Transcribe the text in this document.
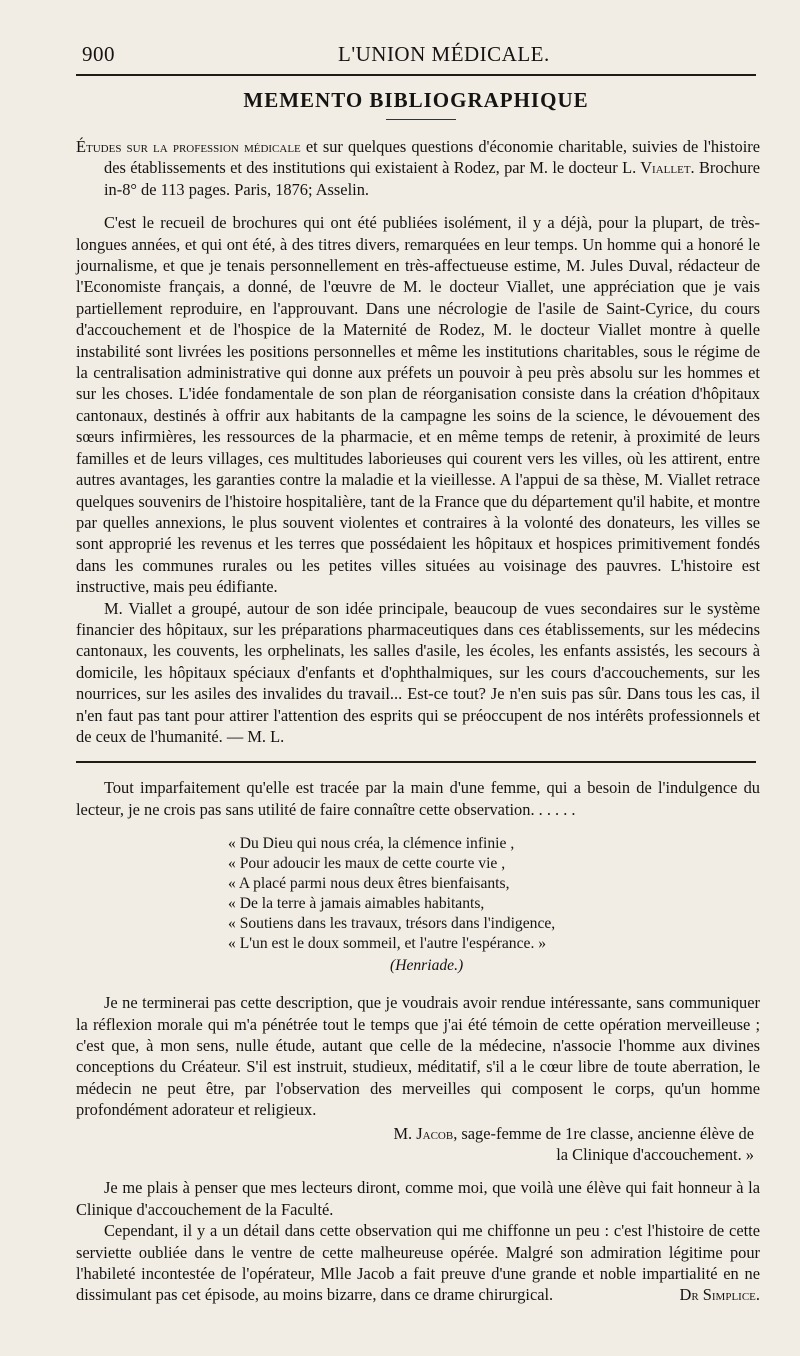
900	L'UNION MÉDICALE.
MEMENTO BIBLIOGRAPHIQUE

Études sur la profession médicale et sur quelques questions d'économie charitable, suivies de l'histoire des établissements et des institutions qui existaient à Rodez, par M. le docteur L. Viallet. Brochure in-8° de 113 pages. Paris, 1876; Asselin.

C'est le recueil de brochures qui ont été publiées isolément, il y a déjà, pour la plupart, de très-longues années, et qui ont été, à des titres divers, remarquées en leur temps. Un homme qui a honoré le journalisme, et que je tenais personnellement en très-affectueuse estime, M. Jules Duval, rédacteur de l'Economiste français, a donné, de l'œuvre de M. le docteur Viallet, une appréciation que je vais partiellement reproduire, en l'approuvant. Dans une nécrologie de l'asile de Saint-Cyrice, du cours d'accouchement et de l'hospice de la Maternité de Rodez, M. le docteur Viallet montre à quelle instabilité sont livrées les positions personnelles et même les institutions charitables, sous le régime de la centralisation administrative qui donne aux préfets un pouvoir à peu près absolu sur les hommes et sur les choses. L'idée fondamentale de son plan de réorganisation consiste dans la création d'hôpitaux cantonaux, destinés à offrir aux habitants de la campagne les soins de la science, le dévouement des sœurs infirmières, les ressources de la pharmacie, et en même temps de retenir, à proximité de leurs familles et de leurs villages, ces multitudes laborieuses qui courent vers les villes, où les attirent, entre autres avantages, les garanties contre la maladie et la vieillesse. A l'appui de sa thèse, M. Viallet retrace quelques souvenirs de l'histoire hospitalière, tant de la France que du département qu'il habite, et montre par quelles annexions, le plus souvent violentes et contraires à la volonté des donateurs, les villes se sont approprié les revenus et les terres que possédaient les hôpitaux et hospices primitivement fondés dans les communes rurales ou les petites villes situées au voisinage des pauvres. L'histoire est instructive, mais peu édifiante.

M. Viallet a groupé, autour de son idée principale, beaucoup de vues secondaires sur le système financier des hôpitaux, sur les préparations pharmaceutiques dans ces établissements, sur les médecins cantonaux, les couvents, les orphelinats, les salles d'asile, les écoles, les enfants assistés, les secours à domicile, les hôpitaux spéciaux d'enfants et d'ophthalmiques, sur les cours d'accouchements, sur les nourrices, sur les asiles des invalides du travail... Est-ce tout? Je n'en suis pas sûr. Dans tous les cas, il n'en faut pas tant pour attirer l'attention des esprits qui se préoccupent de nos intérêts professionnels et de ceux de l'humanité. — M. L.

Tout imparfaitement qu'elle est tracée par la main d'une femme, qui a besoin de l'indulgence du lecteur, je ne crois pas sans utilité de faire connaître cette observation. . . . . .

« Du Dieu qui nous créa, la clémence infinie ,
« Pour adoucir les maux de cette courte vie ,
« A placé parmi nous deux êtres bienfaisants,
« De la terre à jamais aimables habitants,
« Soutiens dans les travaux, trésors dans l'indigence,
« L'un est le doux sommeil, et l'autre l'espérance. »
(Henriade.)

Je ne terminerai pas cette description, que je voudrais avoir rendue intéressante, sans communiquer la réflexion morale qui m'a pénétrée tout le temps que j'ai été témoin de cette opération merveilleuse ; c'est que, à mon sens, nulle étude, autant que celle de la médecine, n'associe l'homme aux divines conceptions du Créateur. S'il est instruit, studieux, méditatif, s'il a le cœur libre de toute aberration, le médecin ne peut être, par l'observation des merveilles qui composent le corps, qu'un homme profondément adorateur et religieux.

M. Jacob, sage-femme de 1re classe, ancienne élève de
la Clinique d'accouchement. »

Je me plais à penser que mes lecteurs diront, comme moi, que voilà une élève qui fait honneur à la Clinique d'accouchement de la Faculté.

Cependant, il y a un détail dans cette observation qui me chiffonne un peu : c'est l'histoire de cette serviette oubliée dans le ventre de cette malheureuse opérée. Malgré son admiration légitime pour l'habileté incontestée de l'opérateur, Mlle Jacob a fait preuve d'une grande et noble impartialité en ne dissimulant pas cet épisode, au moins bizarre, dans ce drame chirurgical.	Dr Simplice.
